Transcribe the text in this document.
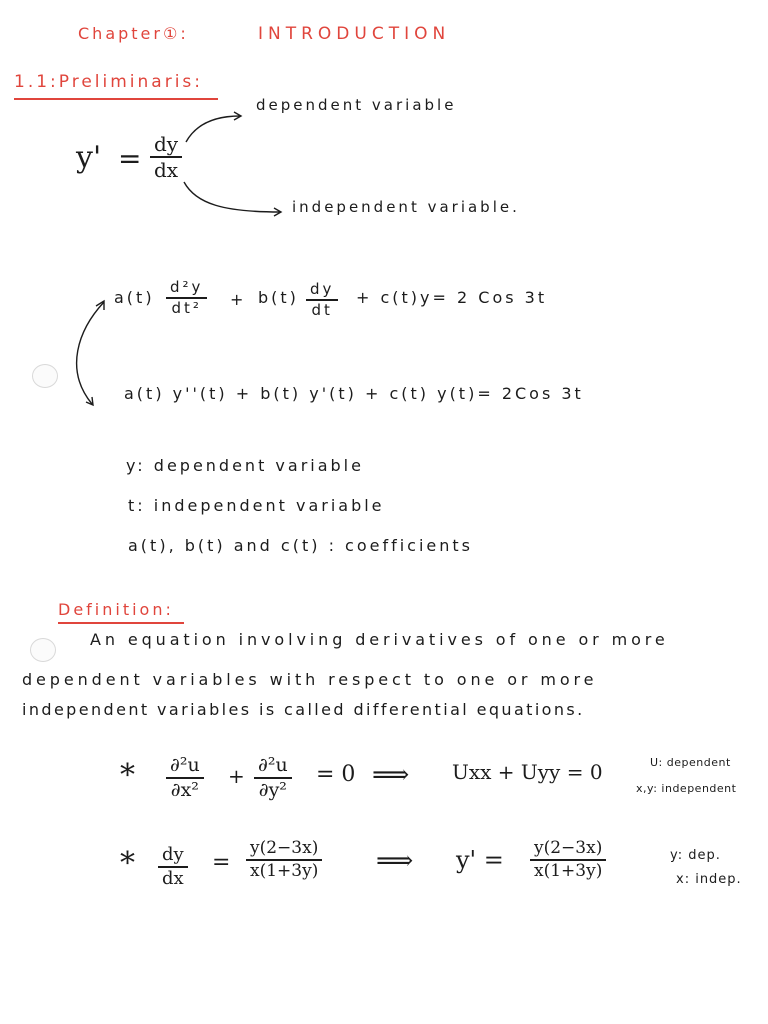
Chapter①:	INTRODUCTION
1.1:Preliminaris:
y' = dy
dx
dependent variable
independent variable.
a(t)
d²y
dt² + b(t) dy
dt
+ c(t)y= 2 Cos 3t
a(t) y''(t) + b(t) y'(t) + c(t) y(t)= 2Cos 3t
y: dependent variable
t: independent variable
a(t), b(t) and c(t) : coefficients
Definition:
An equation involving derivatives of one or more
dependent variables with respect to one or more
independent variables is called differential equations.
* ∂²u
∂x²
+ ∂²u
∂y²
= 0 ⟹ Uxx + Uyy = 0	U: dependent
x,y: independent
* dy
dx
=
y(2−3x)
x(1+3y) ⟹ y' = y(2−3x)
x(1+3y)
y: dep.
x: indep.
